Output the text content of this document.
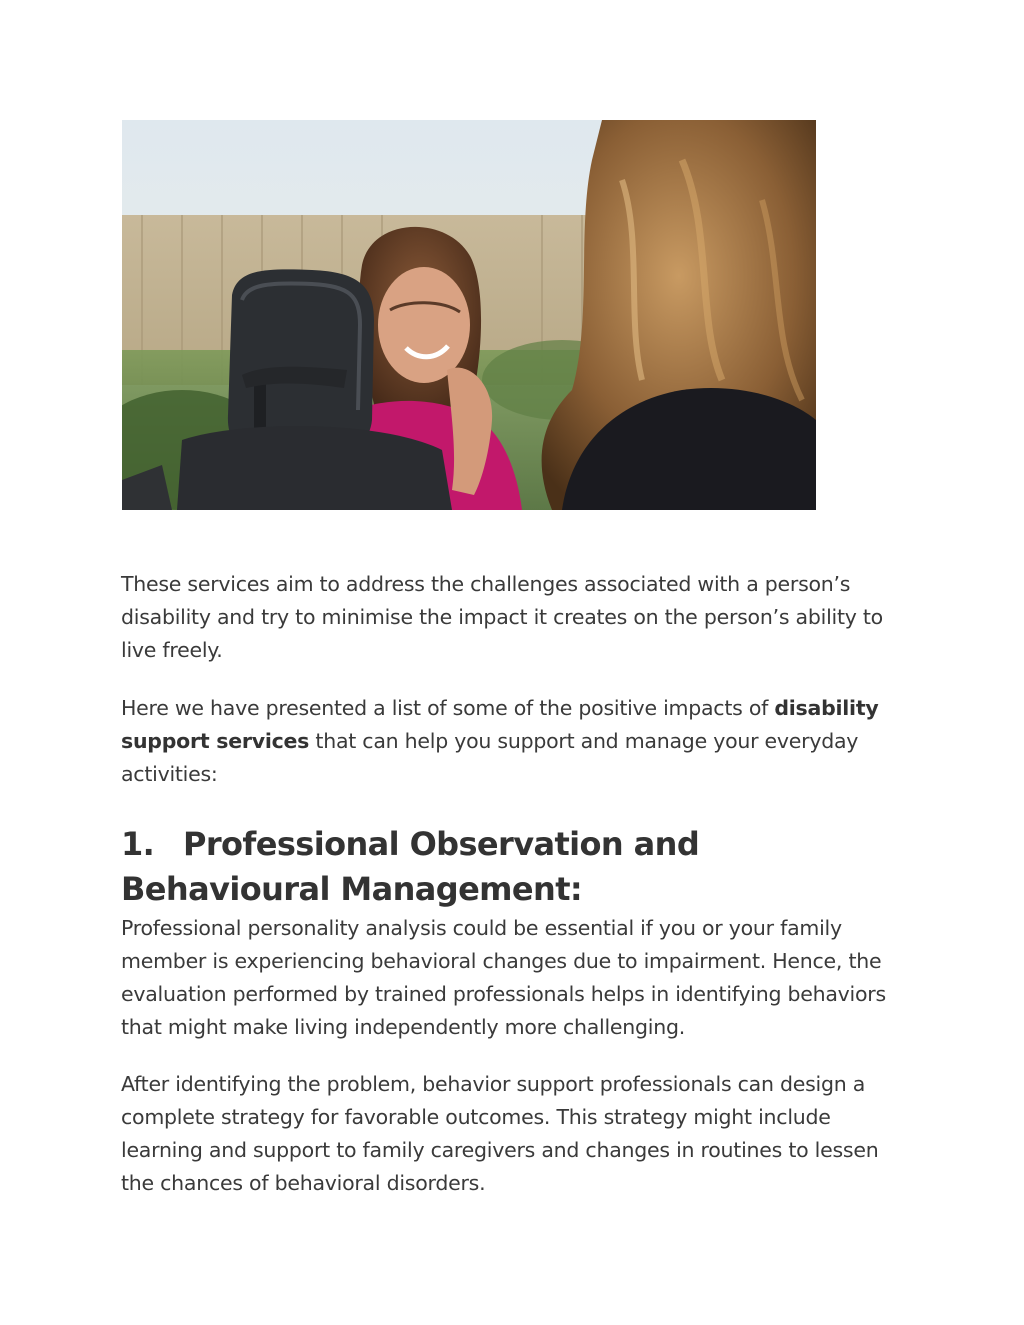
These services aim to address the challenges associated with a person’s disability and try to minimise the impact it creates on the person’s ability to live freely.

Here we have presented a list of some of the positive impacts of disability support services that can help you support and manage your everyday activities:

1. Professional Observation and Behavioural Management:

Professional personality analysis could be essential if you or your family member is experiencing behavioral changes due to impairment. Hence, the evaluation performed by trained professionals helps in identifying behaviors that might make living independently more challenging.

After identifying the problem, behavior support professionals can design a complete strategy for favorable outcomes. This strategy might include learning and support to family caregivers and changes in routines to lessen the chances of behavioral disorders.
